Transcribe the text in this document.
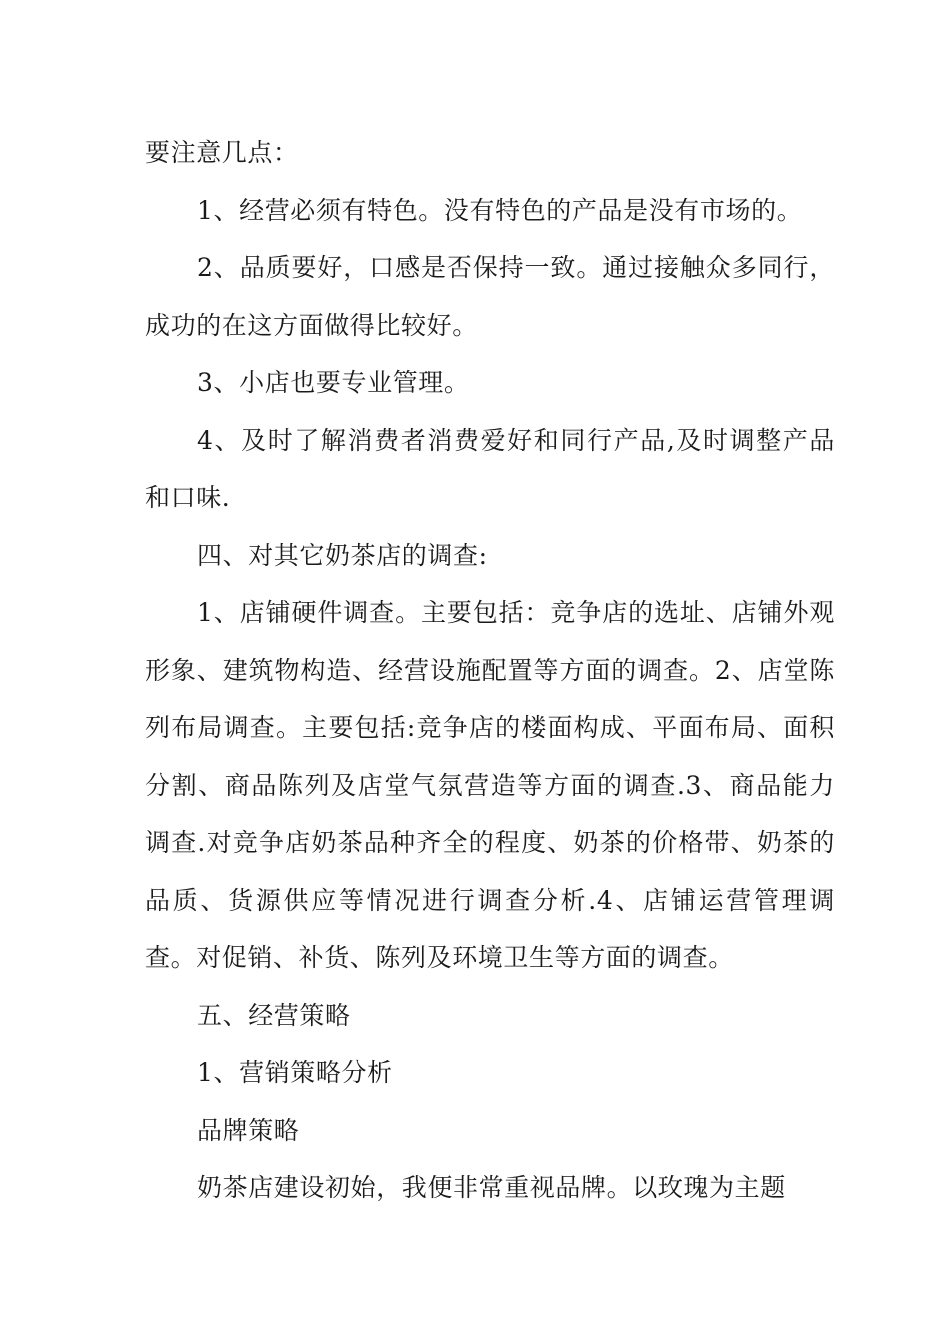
要注意几点：

1、经营必须有特色。没有特色的产品是没有市场的。

2、品质要好，口感是否保持一致。通过接触众多同行，成功的在这方面做得比较好。

3、小店也要专业管理。

4、及时了解消费者消费爱好和同行产品,及时调整产品和口味.

四、对其它奶茶店的调查:

1、店铺硬件调查。主要包括：竞争店的选址、店铺外观形象、建筑物构造、经营设施配置等方面的调查。2、店堂陈列布局调查。主要包括:竞争店的楼面构成、平面布局、面积分割、商品陈列及店堂气氛营造等方面的调查.3、商品能力调查.对竞争店奶茶品种齐全的程度、奶茶的价格带、奶茶的品质、货源供应等情况进行调查分析.4、店铺运营管理调查。对促销、补货、陈列及环境卫生等方面的调查。

五、经营策略

1、营销策略分析

品牌策略

奶茶店建设初始，我便非常重视品牌。以玫瑰为主题
